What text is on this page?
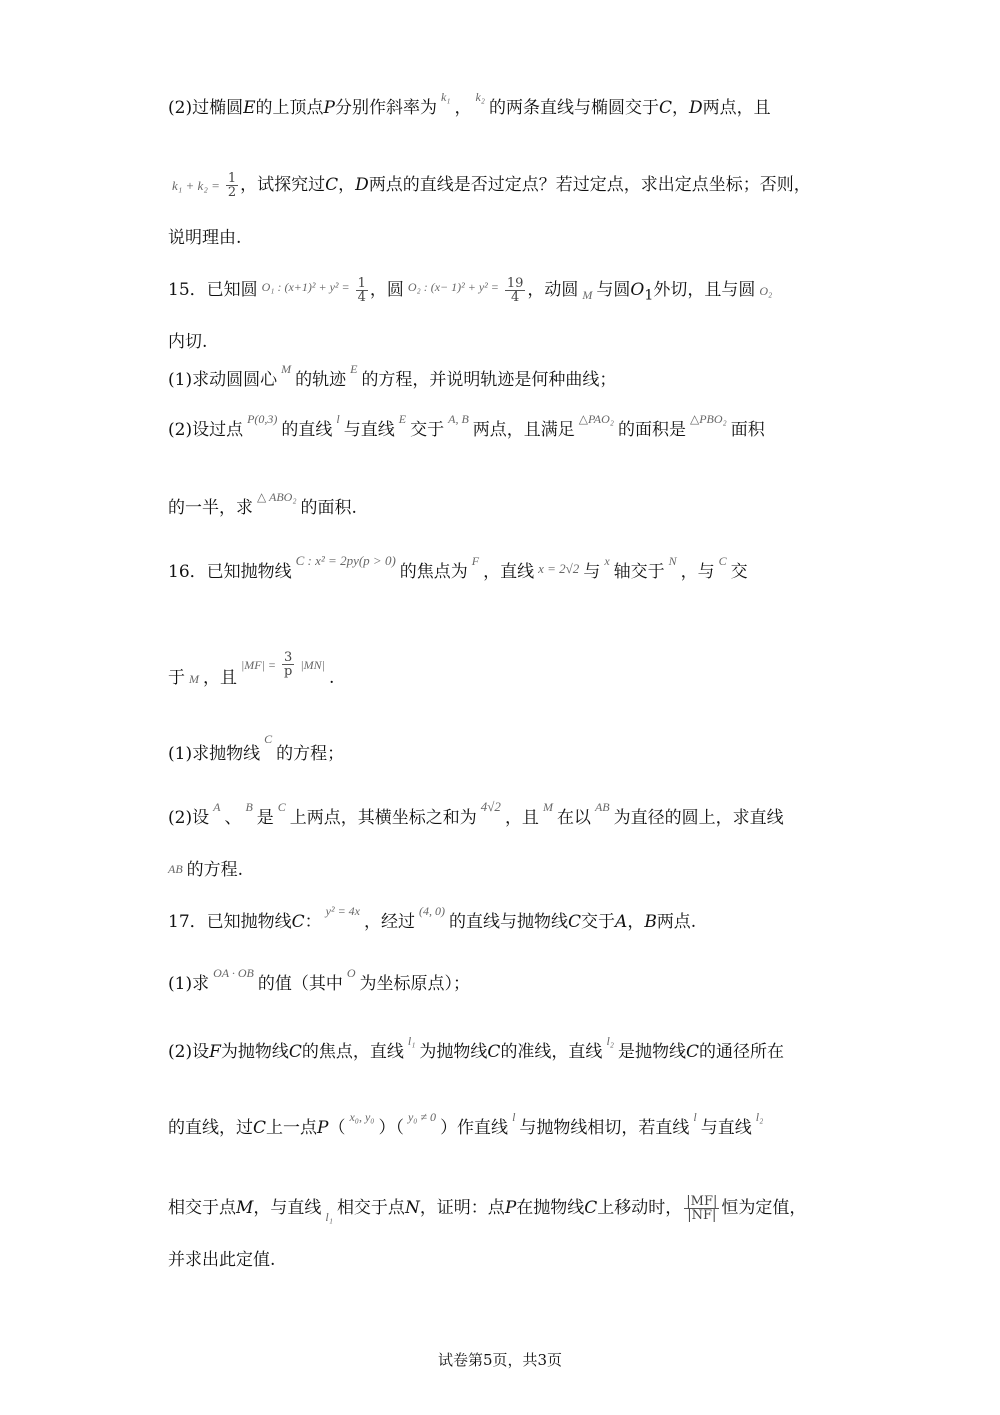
(2)过椭圆E的上顶点P分别作斜率为k₁，k₂的两条直线与椭圆交于C，D两点，且
$k_1 + k_2 = \frac{1}{2}$ ，试探究过C，D两点的直线是否过定点？若过定点，求出定点坐标；否则，
说明理由.
15．已知圆 O₁ : $(x+1)^2 + y^2 = \frac{1}{4}$ ，圆 O₂ : $(x- 1)^2 + y^2 = \frac{19}{4}$ ，动圆 M 与圆$O_1$外切，且与圆 O₂
内切.
(1)求动圆圆心M的轨迹E的方程，并说明轨迹是何种曲线；
(2)设过点P(0,3)的直线l与直线E交于A, B两点，且满足△PAO₂的面积是△PBO₂面积
的一半，求△ ABO₂的面积.
16．已知抛物线C : x² = 2py(p > 0)的焦点为F，直线 x = 2√2 与x轴交于N，与C交
于 M ，且$|MF| = \frac{3}{p} |MN|$.
(1)求抛物线C的方程；
(2)设A、B是C上两点，其横坐标之和为4√2，且M在以AB为直径的圆上，求直线
AB 的方程.
17．已知抛物线C：y² = 4x，经过(4, 0)的直线与抛物线C交于A，B两点.
(1)求OA · OB的值（其中O为坐标原点）；
(2)设F为抛物线C的焦点，直线l₁为抛物线C的准线，直线l₂是抛物线C的通径所在
的直线，过C上一点P（x₀, y₀）（y₀ ≠ 0）作直线l与抛物线相切，若直线l与直线l₂
相交于点M，与直线 l₁ 相交于点N，证明：点P在抛物线C上移动时， $\frac{|MF|}{|NF|}$ 恒为定值，
并求出此定值.
试卷第5页，共3页
